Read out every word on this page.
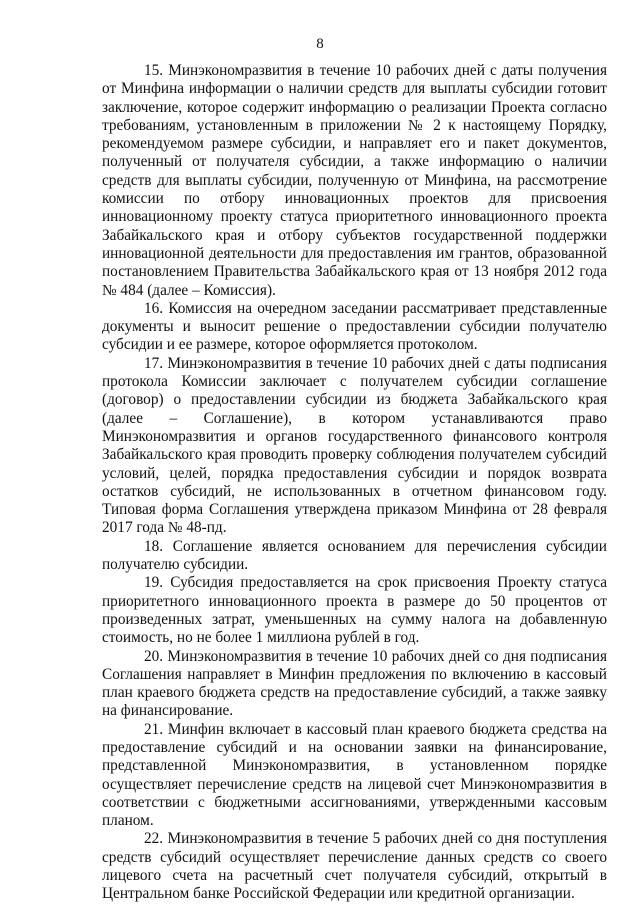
8

15. Минэкономразвития в течение 10 рабочих дней с даты получения от Минфина информации о наличии средств для выплаты субсидии готовит заключение, которое содержит информацию о реализации Проекта согласно требованиям, установленным в приложении № 2 к настоящему Порядку, рекомендуемом размере субсидии, и направляет его и пакет документов, полученный от получателя субсидии, а также информацию о наличии средств для выплаты субсидии, полученную от Минфина, на рассмотрение комиссии по отбору инновационных проектов для присвоения инновационному проекту статуса приоритетного инновационного проекта Забайкальского края и отбору субъектов государственной поддержки инновационной деятельности для предоставления им грантов, образованной постановлением Правительства Забайкальского края от 13 ноября 2012 года № 484 (далее – Комиссия).

16. Комиссия на очередном заседании рассматривает представленные документы и выносит решение о предоставлении субсидии получателю субсидии и ее размере, которое оформляется протоколом.

17. Минэкономразвития в течение 10 рабочих дней с даты подписания протокола Комиссии заключает с получателем субсидии соглашение (договор) о предоставлении субсидии из бюджета Забайкальского края (далее – Соглашение), в котором устанавливаются право Минэкономразвития и органов государственного финансового контроля Забайкальского края проводить проверку соблюдения получателем субсидий условий, целей, порядка предоставления субсидии и порядок возврата остатков субсидий, не использованных в отчетном финансовом году. Типовая форма Соглашения утверждена приказом Минфина от 28 февраля 2017 года № 48-пд.

18. Соглашение является основанием для перечисления субсидии получателю субсидии.

19. Субсидия предоставляется на срок присвоения Проекту статуса приоритетного инновационного проекта в размере до 50 процентов от произведенных затрат, уменьшенных на сумму налога на добавленную стоимость, но не более 1 миллиона рублей в год.

20. Минэкономразвития в течение 10 рабочих дней со дня подписания Соглашения направляет в Минфин предложения по включению в кассовый план краевого бюджета средств на предоставление субсидий, а также заявку на финансирование.

21. Минфин включает в кассовый план краевого бюджета средства на предоставление субсидий и на основании заявки на финансирование, представленной Минэкономразвития, в установленном порядке осуществляет перечисление средств на лицевой счет Минэкономразвития в соответствии с бюджетными ассигнованиями, утвержденными кассовым планом.

22. Минэкономразвития в течение 5 рабочих дней со дня поступления средств субсидий осуществляет перечисление данных средств со своего лицевого счета на расчетный счет получателя субсидий, открытый в Центральном банке Российской Федерации или кредитной организации.
